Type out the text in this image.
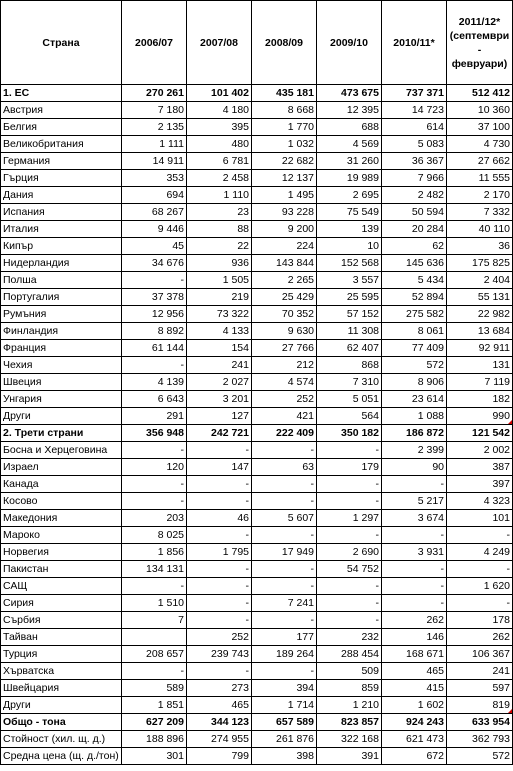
Страна	2006/07	2007/08	2008/09	2009/10	2010/11*	2011/12* (септември - февруари)
1. ЕС	270 261	101 402	435 181	473 675	737 371	512 412
Австрия	7 180	4 180	8 668	12 395	14 723	10 360
Белгия	2 135	395	1 770	688	614	37 100
Великобритания	1 111	480	1 032	4 569	5 083	4 730
Германия	14 911	6 781	22 682	31 260	36 367	27 662
Гърция	353	2 458	12 137	19 989	7 966	11 555
Дания	694	1 110	1 495	2 695	2 482	2 170
Испания	68 267	23	93 228	75 549	50 594	7 332
Италия	9 446	88	9 200	139	20 284	40 110
Кипър	45	22	224	10	62	36
Нидерландия	34 676	936	143 844	152 568	145 636	175 825
Полша	-	1 505	2 265	3 557	5 434	2 404
Португалия	37 378	219	25 429	25 595	52 894	55 131
Румъния	12 956	73 322	70 352	57 152	275 582	22 982
Финландия	8 892	4 133	9 630	11 308	8 061	13 684
Франция	61 144	154	27 766	62 407	77 409	92 911
Чехия	-	241	212	868	572	131
Швеция	4 139	2 027	4 574	7 310	8 906	7 119
Унгария	6 643	3 201	252	5 051	23 614	182
Други	291	127	421	564	1 088	990
2. Трети страни	356 948	242 721	222 409	350 182	186 872	121 542
Босна и Херцеговина	-	-	-	-	2 399	2 002
Израел	120	147	63	179	90	387
Канада	-	-	-	-	-	397
Косово	-	-	-	-	5 217	4 323
Македония	203	46	5 607	1 297	3 674	101
Мароко	8 025	-	-	-	-	-
Норвегия	1 856	1 795	17 949	2 690	3 931	4 249
Пакистан	134 131	-	-	54 752	-	-
САЩ	-	-	-	-	-	1 620
Сирия	1 510	-	7 241	-	-	-
Сърбия	7	-	-	-	262	178
Тайван		252	177	232	146	262
Турция	208 657	239 743	189 264	288 454	168 671	106 367
Хърватска	-	-	-	509	465	241
Швейцария	589	273	394	859	415	597
Други	1 851	465	1 714	1 210	1 602	819
Общо - тона	627 209	344 123	657 589	823 857	924 243	633 954
Стойност (хил. щ. д.)	188 896	274 955	261 876	322 168	621 473	362 793
Средна цена (щ. д./тон)	301	799	398	391	672	572
